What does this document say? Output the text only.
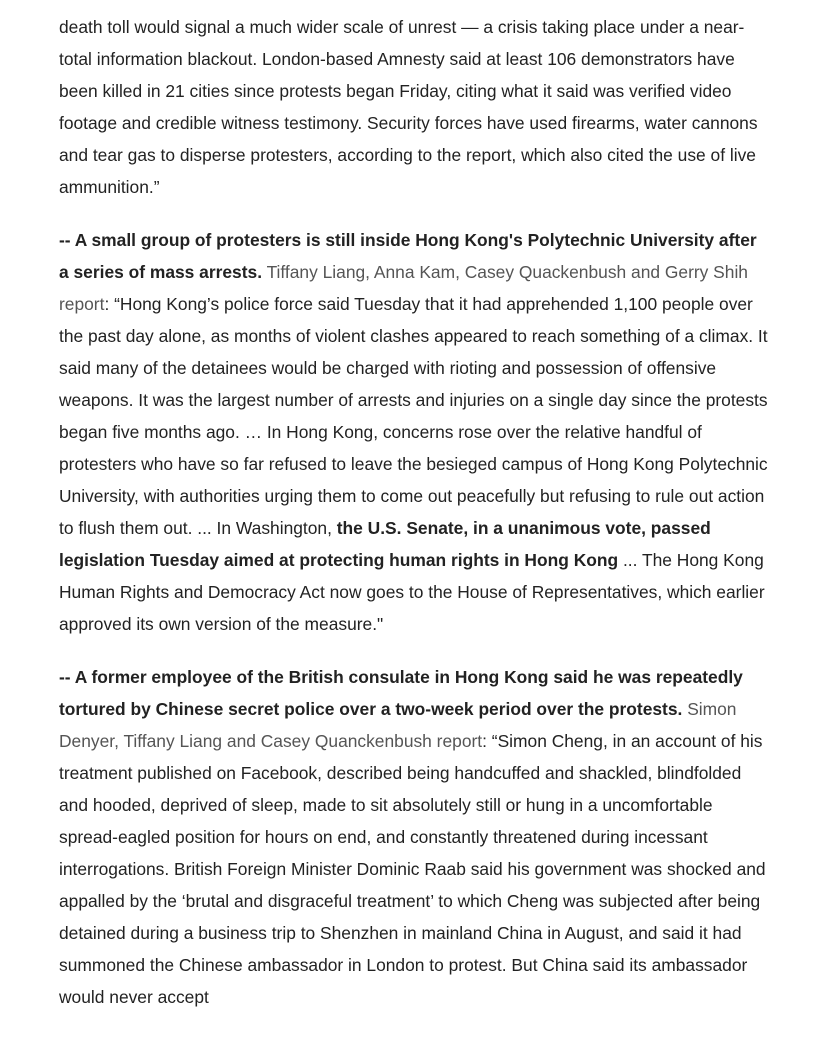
death toll would signal a much wider scale of unrest — a crisis taking place under a near-total information blackout. London-based Amnesty said at least 106 demonstrators have been killed in 21 cities since protests began Friday, citing what it said was verified video footage and credible witness testimony. Security forces have used firearms, water cannons and tear gas to disperse protesters, according to the report, which also cited the use of live ammunition.”

-- A small group of protesters is still inside Hong Kong's Polytechnic University after a series of mass arrests. Tiffany Liang, Anna Kam, Casey Quackenbush and Gerry Shih report: “Hong Kong’s police force said Tuesday that it had apprehended 1,100 people over the past day alone, as months of violent clashes appeared to reach something of a climax. It said many of the detainees would be charged with rioting and possession of offensive weapons. It was the largest number of arrests and injuries on a single day since the protests began five months ago. … In Hong Kong, concerns rose over the relative handful of protesters who have so far refused to leave the besieged campus of Hong Kong Polytechnic University, with authorities urging them to come out peacefully but refusing to rule out action to flush them out. ... In Washington, the U.S. Senate, in a unanimous vote, passed legislation Tuesday aimed at protecting human rights in Hong Kong ... The Hong Kong Human Rights and Democracy Act now goes to the House of Representatives, which earlier approved its own version of the measure."

-- A former employee of the British consulate in Hong Kong said he was repeatedly tortured by Chinese secret police over a two-week period over the protests. Simon Denyer, Tiffany Liang and Casey Quanckenbush report: “Simon Cheng, in an account of his treatment published on Facebook, described being handcuffed and shackled, blindfolded and hooded, deprived of sleep, made to sit absolutely still or hung in a uncomfortable spread-eagled position for hours on end, and constantly threatened during incessant interrogations. British Foreign Minister Dominic Raab said his government was shocked and appalled by the ‘brutal and disgraceful treatment’ to which Cheng was subjected after being detained during a business trip to Shenzhen in mainland China in August, and said it had summoned the Chinese ambassador in London to protest. But China said its ambassador would never accept
